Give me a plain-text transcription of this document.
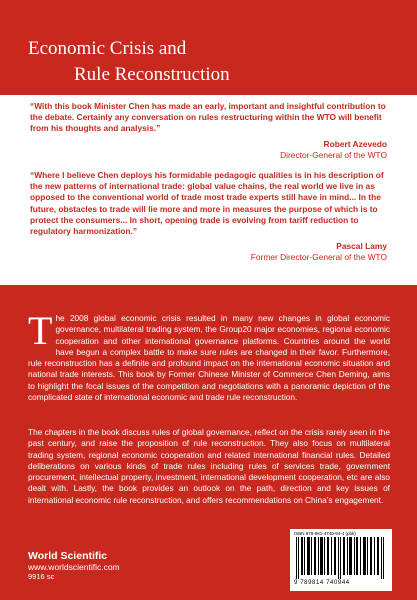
Economic Crisis and
Rule Reconstruction
“With this book Minister Chen has made an early, important and insightful contribution to the debate. Certainly any conversation on rules restructuring within the WTO will benefit from his thoughts and analysis.”
Robert Azevedo
Director-General of the WTO
“Where I believe Chen deploys his formidable pedagogic qualities is in his description of the new patterns of international trade: global value chains, the real world we live in as opposed to the conventional world of trade most trade experts still have in mind... In the future, obstacles to trade will lie more and more in measures the purpose of which is to protect the consumers... In short, opening trade is evolving from tariff reduction to regulatory harmonization.”
Pascal Lamy
Former Director-General of the WTO
T he 2008 global economic crisis resulted in many new changes in global economic governance, multilateral trading system, the Group20 major economies, regional economic cooperation and other international governance platforms. Countries around the world have begun a complex battle to make sure rules are changed in their favor. Furthermore, rule reconstruction has a definite and profound impact on the international economic situation and national trade interests. This book by Former Chinese Minister of Commerce Chen Deming, aims to highlight the focal issues of the competition and negotiations with a panoramic depiction of the complicated state of international economic and trade rule reconstruction.
The chapters in the book discuss rules of global governance, reflect on the crisis rarely seen in the past century, and raise the proposition of rule reconstruction. They also focus on multilateral trading system, regional economic cooperation and related international financial rules. Detailed deliberations on various kinds of trade rules including rules of services trade, government procurement, intellectual property, investment, international development cooperation, etc are also dealt with. Lastly, the book provides an outlook on the path, direction and key issues of international economic rule reconstruction, and offers recommendations on China’s engagement.
World Scientific
www.worldscientific.com
9916 sc
ISBN 978-981-4740-94-4 (pbk)
9 789814 740944
